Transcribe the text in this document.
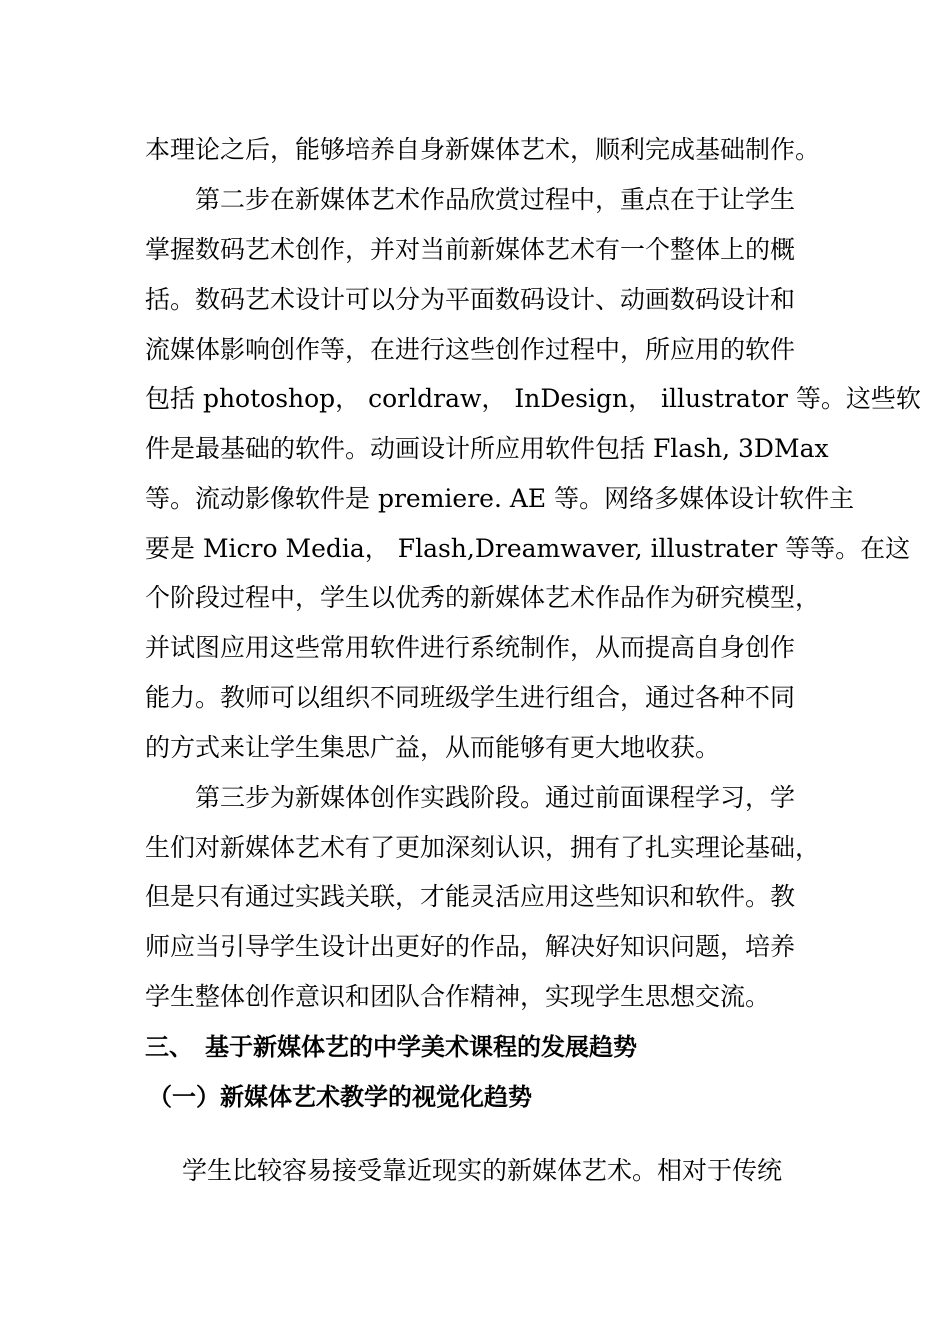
本理论之后，能够培养自身新媒体艺术，顺利完成基础制作。
第二步在新媒体艺术作品欣赏过程中，重点在于让学生
掌握数码艺术创作，并对当前新媒体艺术有一个整体上的概
括。数码艺术设计可以分为平面数码设计、动画数码设计和
流媒体影响创作等，在进行这些创作过程中，所应用的软件
包括 photoshop， corldraw， InDesign， illustrator 等。这些软
件是最基础的软件。动画设计所应用软件包括 Flash, 3DMax
等。流动影像软件是 premiere. AE 等。网络多媒体设计软件主
要是 Micro Media， Flash,Dreamwaver, illustrater 等等。在这
个阶段过程中，学生以优秀的新媒体艺术作品作为研究模型，
并试图应用这些常用软件进行系统制作，从而提高自身创作
能力。教师可以组织不同班级学生进行组合，通过各种不同
的方式来让学生集思广益，从而能够有更大地收获。
第三步为新媒体创作实践阶段。通过前面课程学习，学
生们对新媒体艺术有了更加深刻认识，拥有了扎实理论基础，
但是只有通过实践关联，才能灵活应用这些知识和软件。教
师应当引导学生设计出更好的作品，解决好知识问题，培养
学生整体创作意识和团队合作精神，实现学生思想交流。
三、　基于新媒体艺的中学美术课程的发展趋势
（一）新媒体艺术教学的视觉化趋势
学生比较容易接受靠近现实的新媒体艺术。相对于传统
